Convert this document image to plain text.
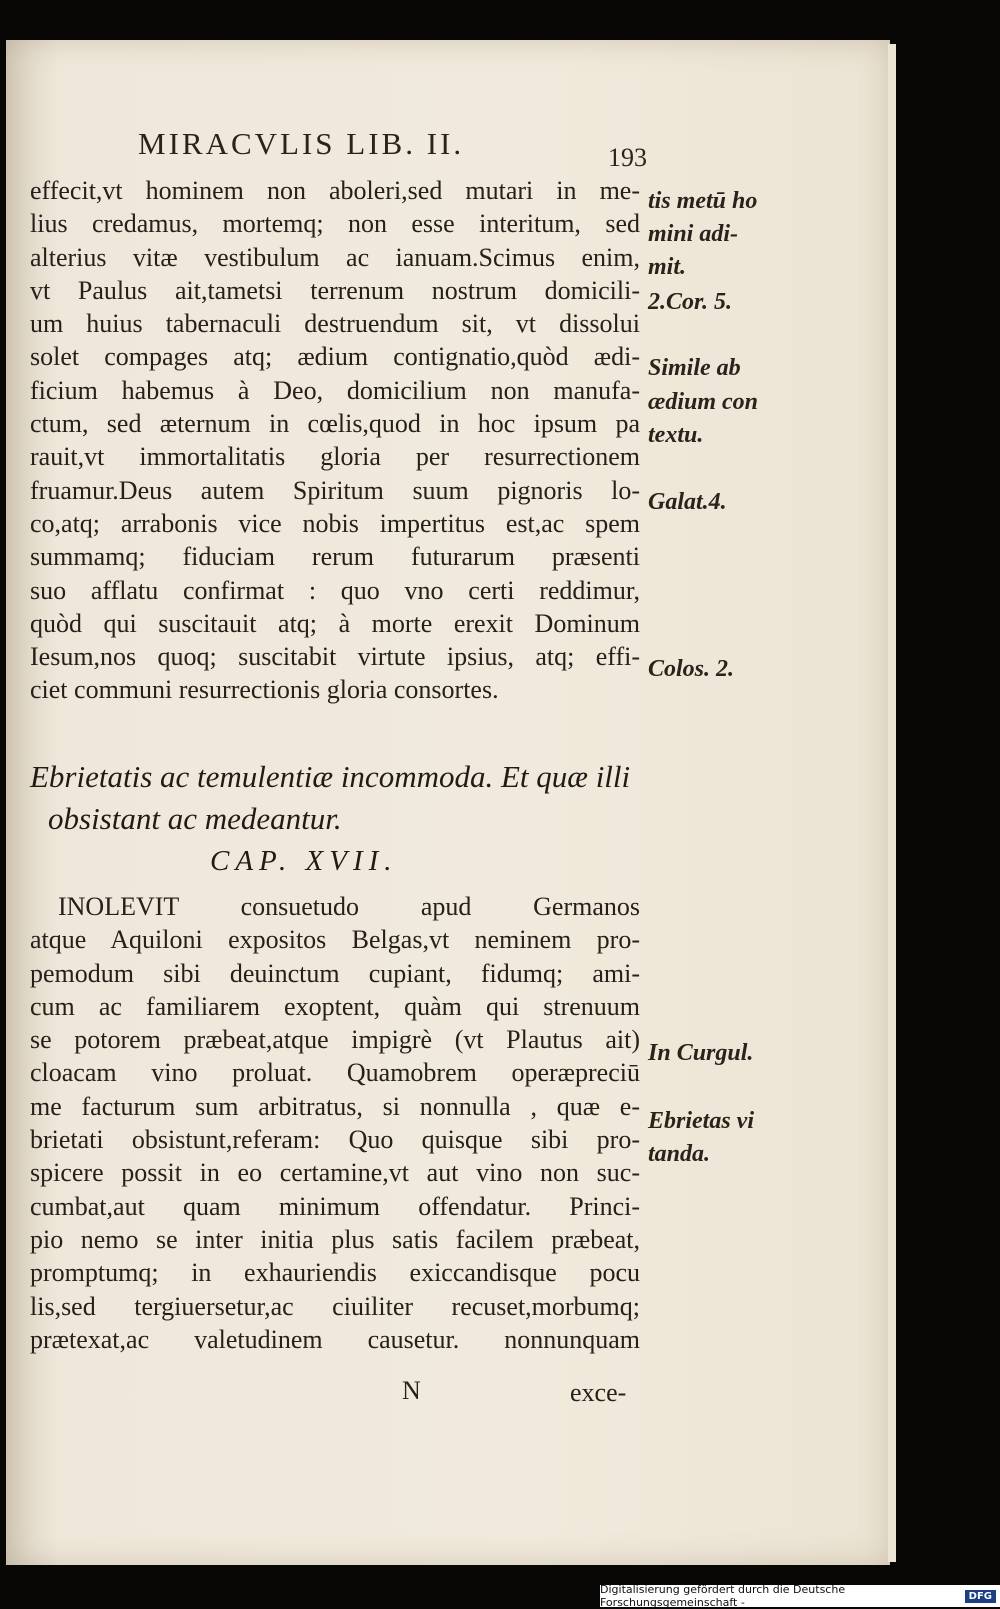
MIRACVLIS LIB. II.	193
effecit,vt hominem non aboleri,sed mutari in me-
lius credamus, mortemq; non esse interitum, sed
alterius vitæ vestibulum ac ianuam.Scimus enim,
vt Paulus ait,tametsi terrenum nostrum domicili-
um huius tabernaculi destruendum sit, vt dissolui
solet compages atq; ædium contignatio,quòd ædi-
ficium habemus à Deo, domicilium non manufa-
ctum, sed æternum in cœlis,quod in hoc ipsum pa
rauit,vt immortalitatis gloria per resurrectionem
fruamur.Deus autem Spiritum suum pignoris lo-
co,atq; arrabonis vice nobis impertitus est,ac spem
summamq; fiduciam rerum futurarum præsenti
suo afflatu confirmat : quo vno certi reddimur,
quòd qui suscitauit atq; à morte erexit Dominum
Iesum,nos quoq; suscitabit virtute ipsius, atq; effi-
ciet communi resurrectionis gloria consortes.
tis metū ho
mini adi-
mit.
2.Cor. 5.
Simile ab
ædium con
textu.
Galat.4.
Colos. 2.
Ebrietatis ac temulentiæ incommoda. Et quæ illi
obsistant ac medeantur.
CAP. XVII.
INOLEVIT consuetudo apud Germanos
atque Aquiloni expositos Belgas,vt neminem pro-
pemodum sibi deuinctum cupiant, fidumq; ami-
cum ac familiarem exoptent, quàm qui strenuum
se potorem præbeat,atque impigrè (vt Plautus ait)
cloacam vino proluat. Quamobrem operæpreciū
me facturum sum arbitratus, si nonnulla , quæ e-
brietati obsistunt,referam: Quo quisque sibi pro-
spicere possit in eo certamine,vt aut vino non suc-
cumbat,aut quam minimum offendatur. Princi-
pio nemo se inter initia plus satis facilem præbeat,
promptumq; in exhauriendis exiccandisque pocu
lis,sed tergiuersetur,ac ciuiliter recuset,morbumq;
prætexat,ac valetudinem causetur. nonnunquam
In Curgul.
Ebrietas vi
tanda.
N	exce-
Digitalisierung gefördert durch die Deutsche Forschungsgemeinschaft -	DFG
